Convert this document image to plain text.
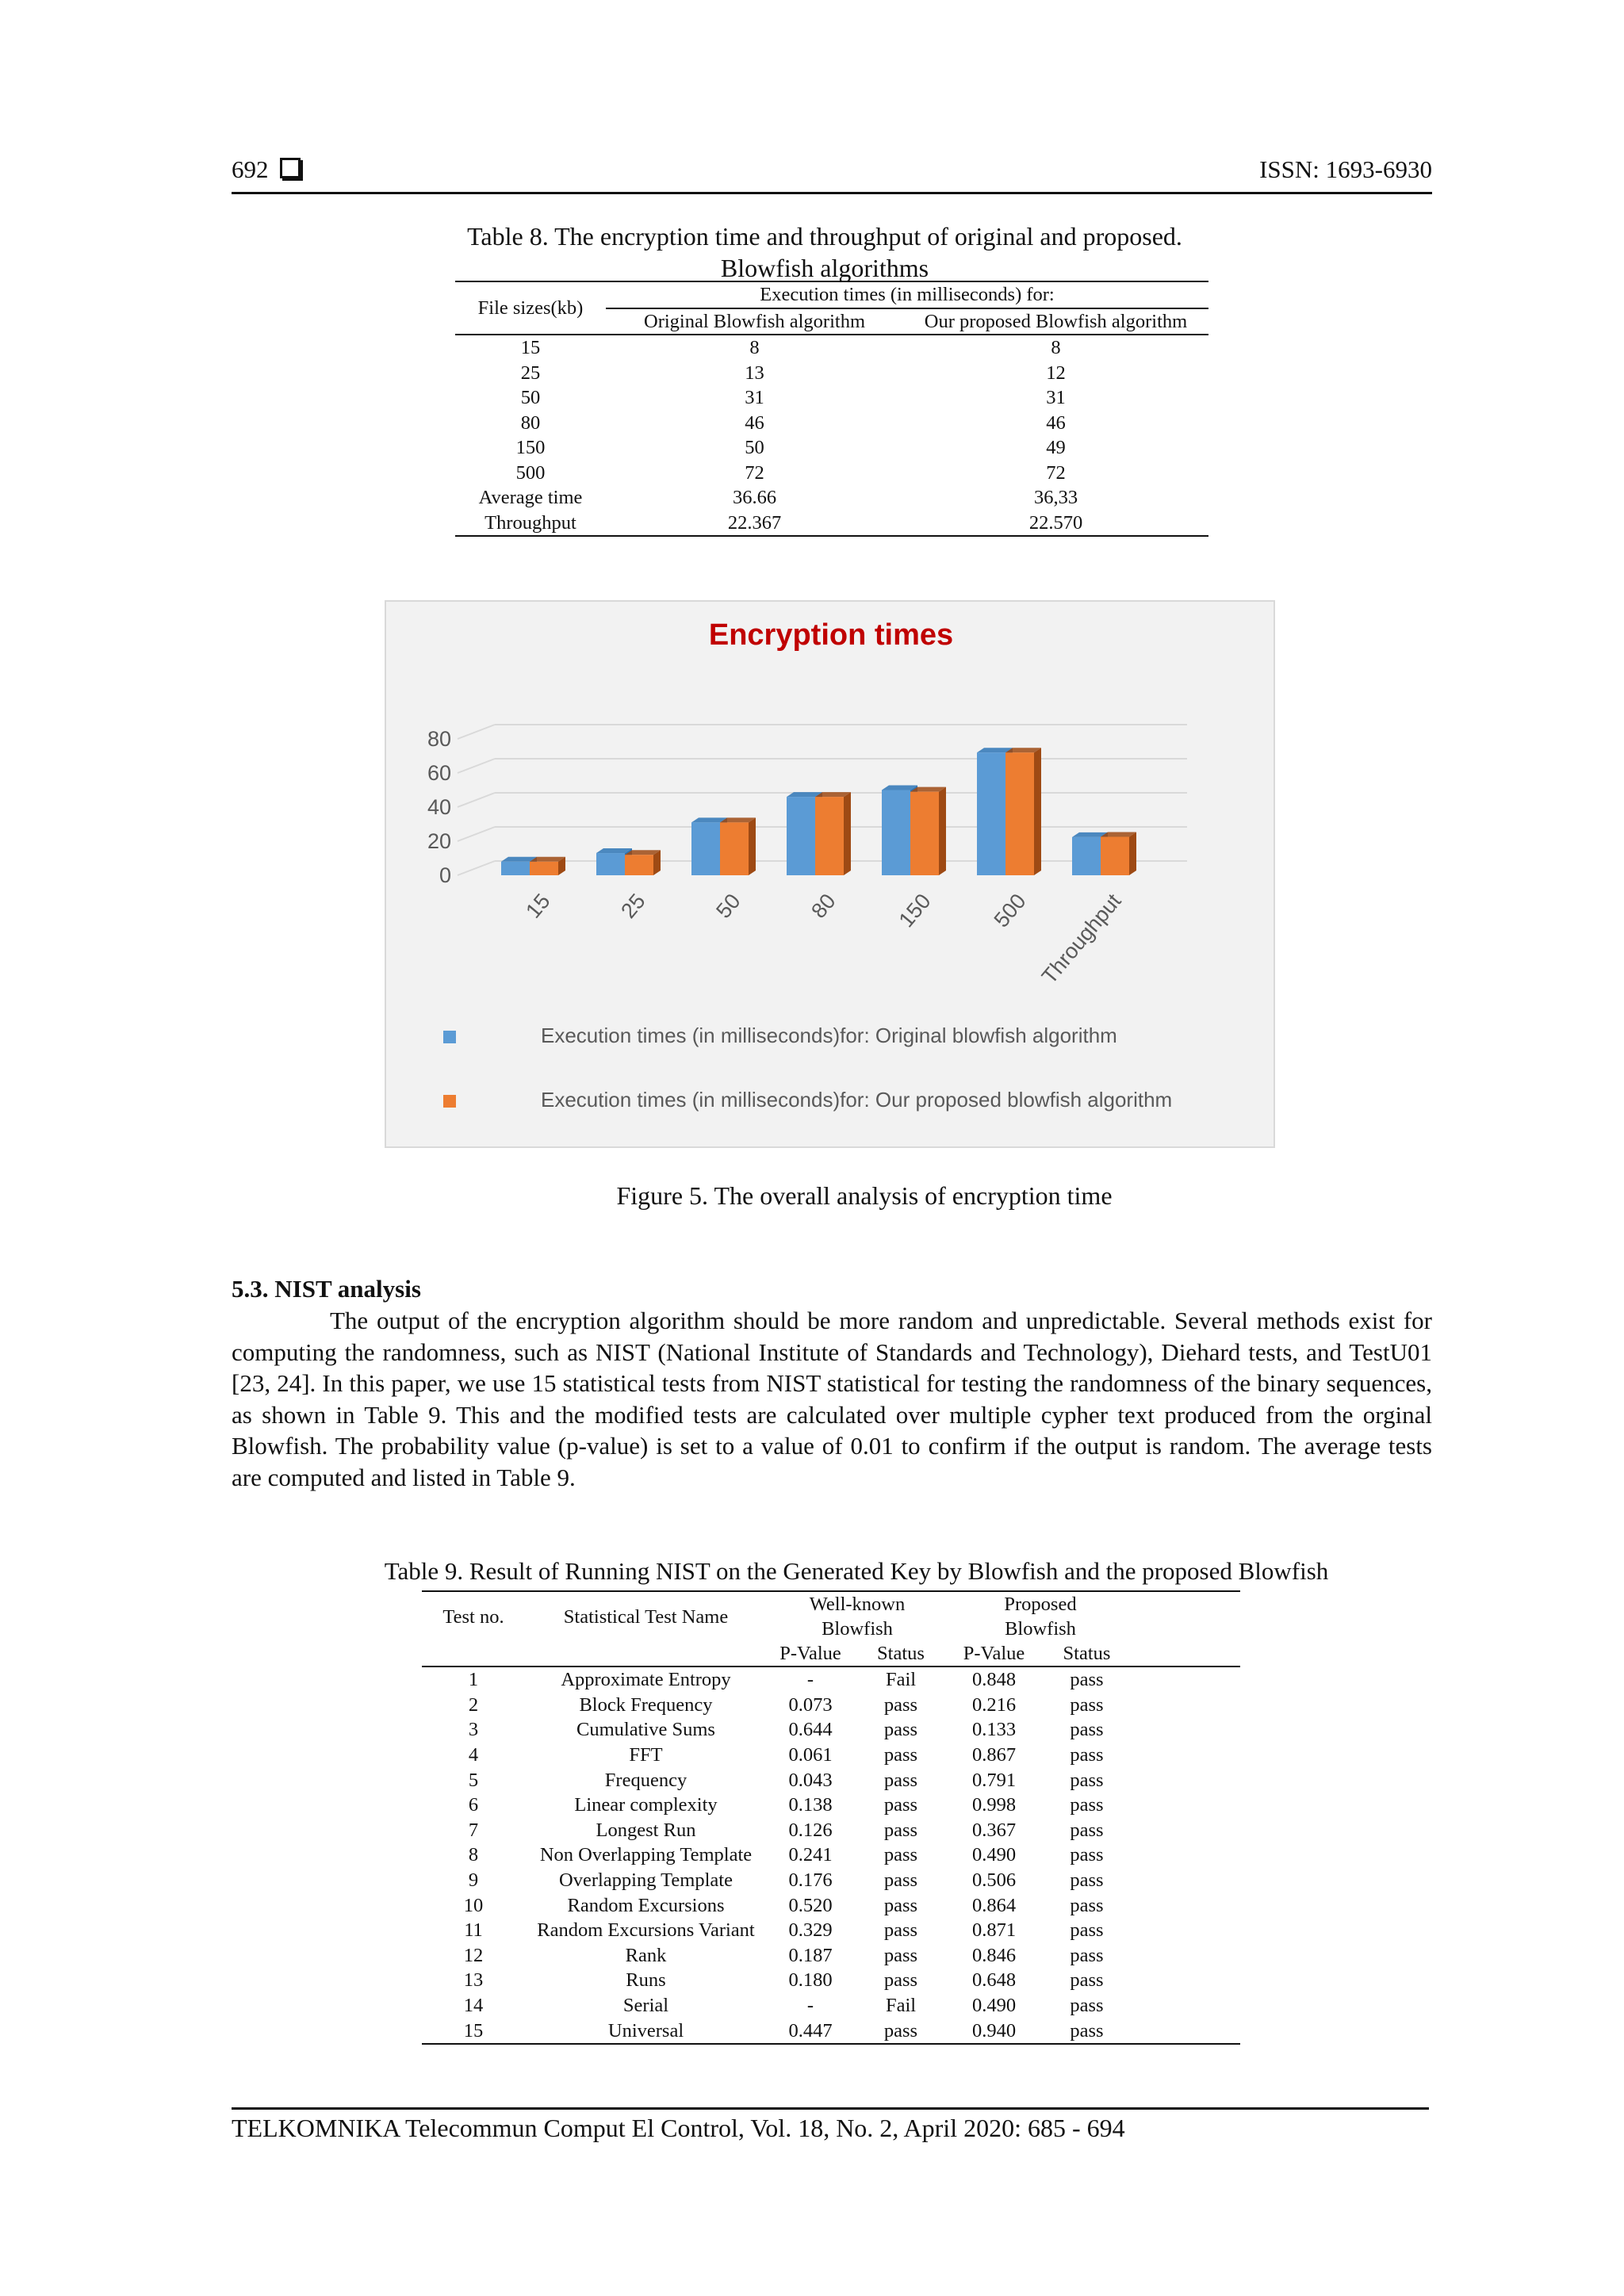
692	ISSN: 1693-6930
Table 8. The encryption time and throughput of original and proposed.
Blowfish algorithms
File sizes(kb)	Execution times (in milliseconds) for:	
	Original Blowfish algorithm	Our proposed Blowfish algorithm
15	8	8
25	13	12
50	31	31
80	46	46
150	50	49
500	72	72
Average time	36.66	36,33
Throughput	22.367	22.570
Encryption times
0
20
40
60
80
15	25	50	80	150	500 Throughput
Execution times (in milliseconds)for: Original blowfish algorithm
Execution times (in milliseconds)for: Our proposed blowfish algorithm
Figure 5. The overall analysis of encryption time
5.3. NIST analysis

The output of the encryption algorithm should be more random and unpredictable. Several methods exist for computing the randomness, such as NIST (National Institute of Standards and Technology), Diehard tests, and TestU01 [23, 24]. In this paper, we use 15 statistical tests from NIST statistical for testing the randomness of the binary sequences, as shown in Table 9. This and the modified tests are calculated over multiple cypher text produced from the orginal Blowfish. The probability value (p-value) is set to a value of 0.01 to confirm if the output is random. The average tests are computed and listed in Table 9.

Table 9. Result of Running NIST on the Generated Key by Blowfish and the proposed Blowfish
Test no.	Statistical Test Name	Well-known		Proposed		
		Blowfish		Blowfish		
		P-Value	Status	P-Value	Status	
1	Approximate Entropy	-	Fail	0.848	pass	
2	Block Frequency	0.073	pass	0.216	pass	
3	Cumulative Sums	0.644	pass	0.133	pass	
4	FFT	0.061	pass	0.867	pass	
5	Frequency	0.043	pass	0.791	pass	
6	Linear complexity	0.138	pass	0.998	pass	
7	Longest Run	0.126	pass	0.367	pass	
8	Non Overlapping Template	0.241	pass	0.490	pass	
9	Overlapping Template	0.176	pass	0.506	pass	
10	Random Excursions	0.520	pass	0.864	pass	
11	Random Excursions Variant	0.329	pass	0.871	pass	
12	Rank	0.187	pass	0.846	pass	
13	Runs	0.180	pass	0.648	pass	
14	Serial	-	Fail	0.490	pass	
15	Universal	0.447	pass	0.940	pass	
TELKOMNIKA Telecommun Comput El Control, Vol. 18, No. 2, April 2020: 685 - 694
